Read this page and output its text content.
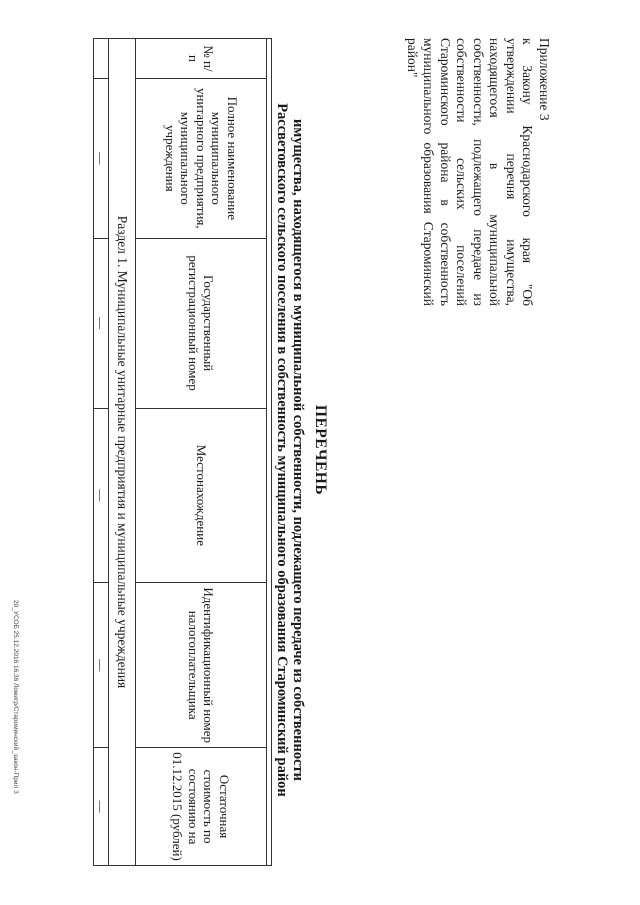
Приложение 3
к Закону Краснодарского края "Об утверждении перечня имущества, находящегося в муниципальной собственности, подлежащего передаче из собственности сельских поселений Староминского района в собственность муниципального образования Староминский район"
ПЕРЕЧЕНЬ
имущества, находящегося в муниципальной собственности, подлежащего передаче из собственности
Рассветовского сельского поселения в собственность муниципального образования Староминский район

№ п/п	Полное наименование муниципального унитарного предприятия, муниципального учреждения	Государственный регистрационный номер	Местонахождение	Идентификационный номер налогоплательщика	Остаточная стоимость по состоянию на 01.12.2015 (рублей)
Раздел 1. Муниципальные унитарные предприятия и муниципальные учреждения					
	—	—	—	—	—
20_УСОБ 25.12.2016 16.36 Ложигр/Староминский_закон-Прил 3
